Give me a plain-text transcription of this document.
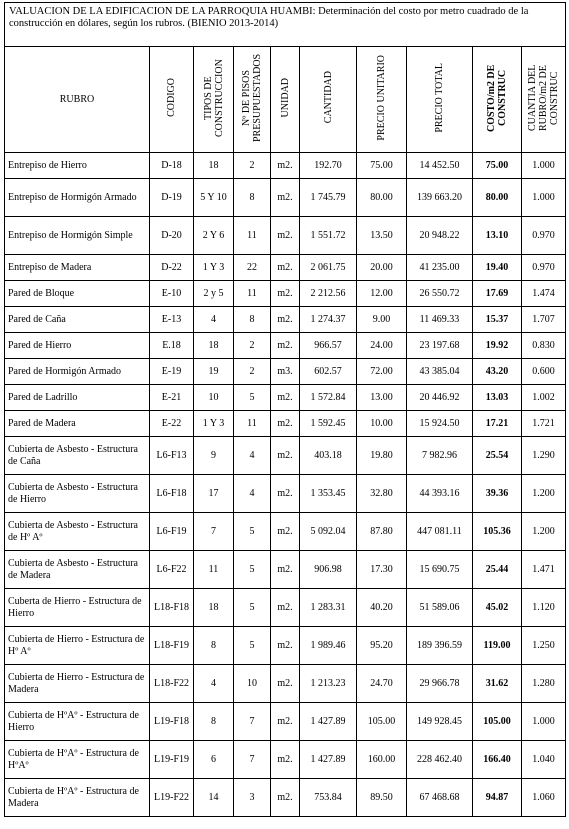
VALUACION DE LA EDIFICACION DE LA PARROQUIA HUAMBI: Determinación del costo por metro cuadrado de la construcción en dólares, según los rubros. (BIENIO 2013-2014)									
RUBRO	CODIGO	TIPOS DE CONSTRUCCION	Nº DE PISOS PRESUPUESTADOS	UNIDAD	CANTIDAD	PRECIO UNITARIO	PRECIO TOTAL	COSTO/m2 DE CONSTRUC	CUANTIA DEL RUBRO/m2 DE CONSTRUC
Entrepiso de Hierro	D-18	18	2	m2.	192.70	75.00	14 452.50	75.00	1.000
Entrepiso de Hormigón Armado	D-19	5 Y 10	8	m2.	1 745.79	80.00	139 663.20	80.00	1.000
Entrepiso de Hormigón Simple	D-20	2 Y 6	11	m2.	1 551.72	13.50	20 948.22	13.10	0.970
Entrepiso de Madera	D-22	1 Y 3	22	m2.	2 061.75	20.00	41 235.00	19.40	0.970
Pared de Bloque	E-10	2 y 5	11	m2.	2 212.56	12.00	26 550.72	17.69	1.474
Pared de Caña	E-13	4	8	m2.	1 274.37	9.00	11 469.33	15.37	1.707
Pared de Hierro	E.18	18	2	m2.	966.57	24.00	23 197.68	19.92	0.830
Pared de Hormigón Armado	E-19	19	2	m3.	602.57	72.00	43 385.04	43.20	0.600
Pared de Ladrillo	E-21	10	5	m2.	1 572.84	13.00	20 446.92	13.03	1.002
Pared de Madera	E-22	1 Y 3	11	m2.	1 592.45	10.00	15 924.50	17.21	1.721
Cubierta de Asbesto - Estructura de Caña	L6-F13	9	4	m2.	403.18	19.80	7 982.96	25.54	1.290
Cubierta de Asbesto - Estructura de Hierro	L6-F18	17	4	m2.	1 353.45	32.80	44 393.16	39.36	1.200
Cubierta de Asbesto - Estructura de Hº Aº	L6-F19	7	5	m2.	5 092.04	87.80	447 081.11	105.36	1.200
Cubierta de Asbesto - Estructura de Madera	L6-F22	11	5	m2.	906.98	17.30	15 690.75	25.44	1.471
Cuberta de Hierro - Estructura de Hierro	L18-F18	18	5	m2.	1 283.31	40.20	51 589.06	45.02	1.120
Cubierta de Hierro - Estructura de Hº Aº	L18-F19	8	5	m2.	1 989.46	95.20	189 396.59	119.00	1.250
Cubierta de Hierro - Estructura de Madera	L18-F22	4	10	m2.	1 213.23	24.70	29 966.78	31.62	1.280
Cubierta de HºAº - Estructura de Hierro	L19-F18	8	7	m2.	1 427.89	105.00	149 928.45	105.00	1.000
Cubierta de HºAº - Estructura de HºAº	L19-F19	6	7	m2.	1 427.89	160.00	228 462.40	166.40	1.040
Cubierta de HºAº - Estructura de Madera	L19-F22	14	3	m2.	753.84	89.50	67 468.68	94.87	1.060
